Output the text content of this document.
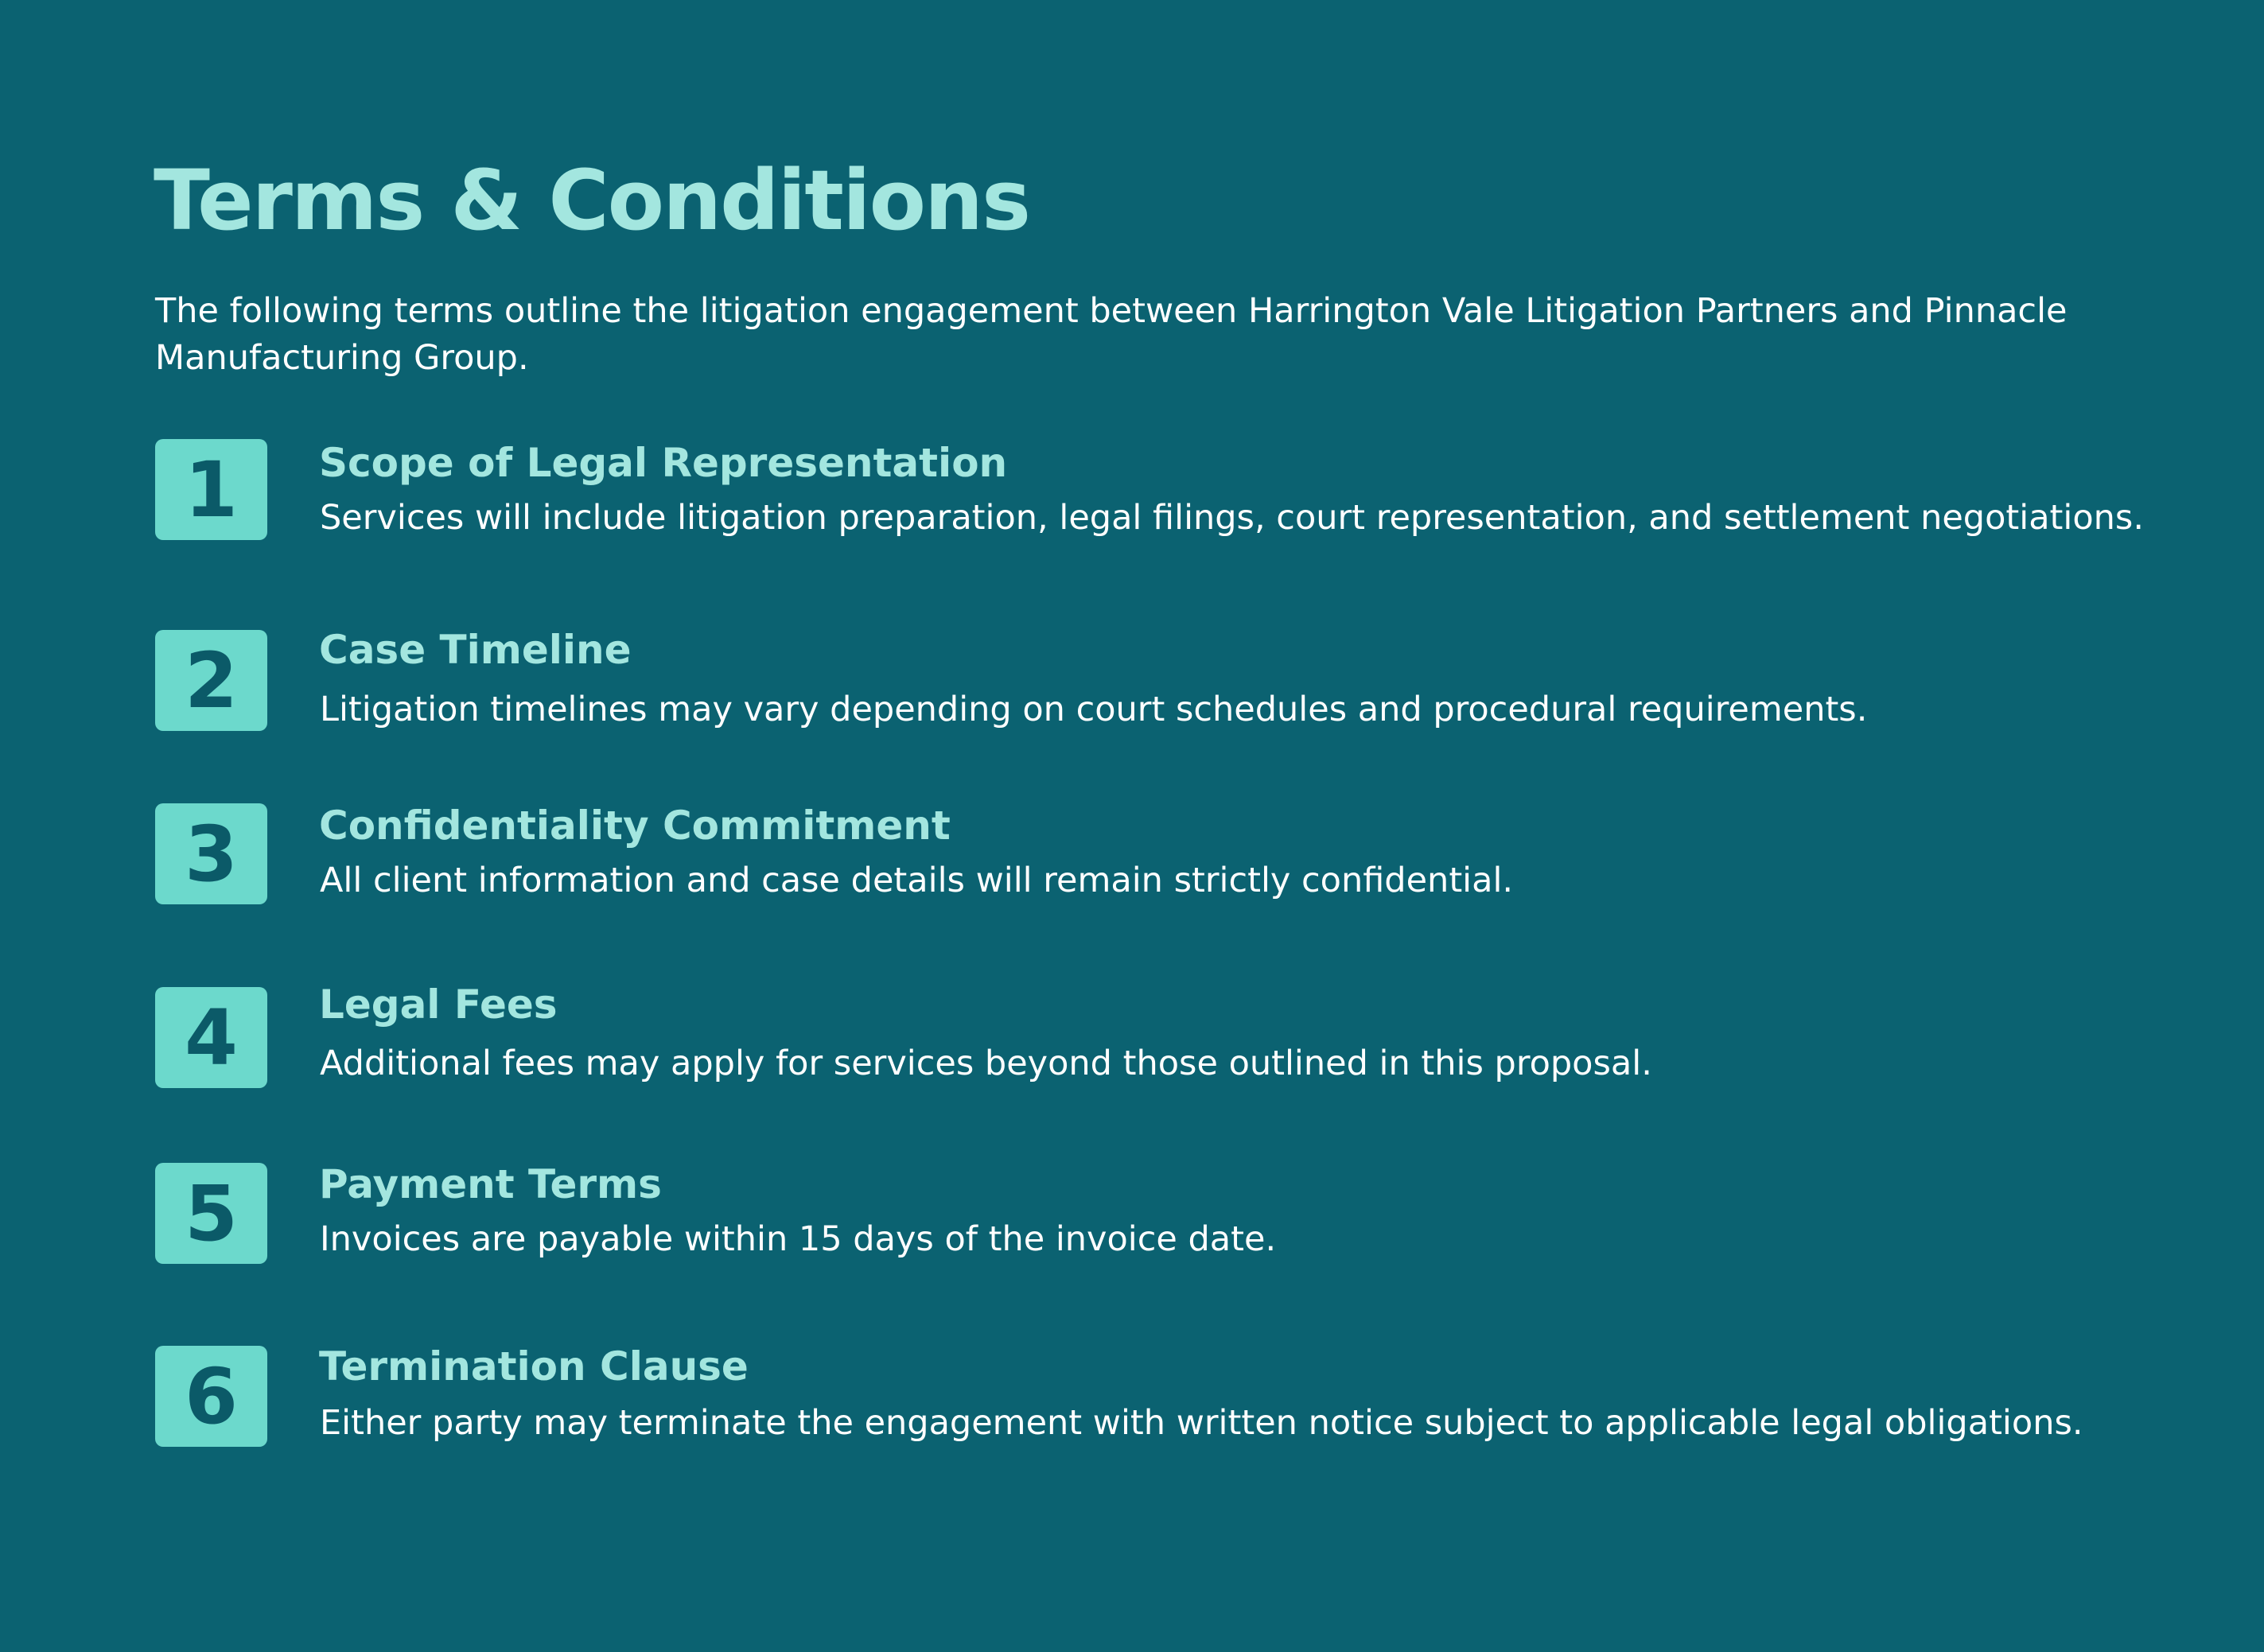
Terms & Conditions

The following terms outline the litigation engagement between Harrington Vale Litigation Partners and Pinnacle Manufacturing Group.

1	Scope of Legal Representation

Services will include litigation preparation, legal filings, court representation, and settlement negotiations.

2	Case Timeline

Litigation timelines may vary depending on court schedules and procedural requirements.

3	Confidentiality Commitment

All client information and case details will remain strictly confidential.

4	Legal Fees

Additional fees may apply for services beyond those outlined in this proposal.

5	Payment Terms

Invoices are payable within 15 days of the invoice date.

6	Termination Clause

Either party may terminate the engagement with written notice subject to applicable legal obligations.
